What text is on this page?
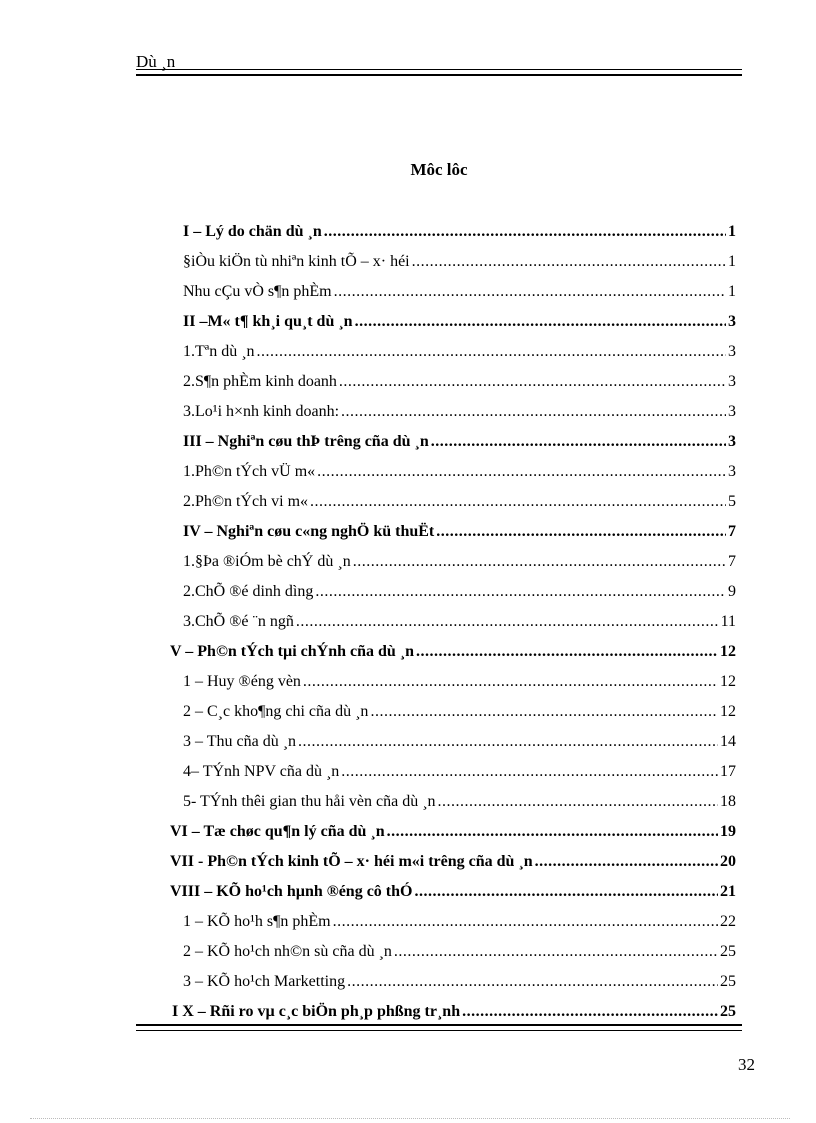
Dù ¸n
Môc lôc
I – Lý do chän dù ¸n .....	1
§iÒu kiÖn tù nhiªn kinh tÕ – x· héi .....	1
Nhu cÇu vÒ s¶n phÈm .....	1
II –M« t¶ kh¸i qu¸t dù ¸n .....	3
1.Tªn dù ¸n .....	3
2.S¶n phÈm kinh doanh .....	3
3.Lo¹i h×nh kinh doanh: .....	3
III – Nghiªn cøu thÞ trêng cña dù ¸n .....	3
1.Ph©n tÝch vÜ m« .....	3
2.Ph©n tÝch vi m« .....	5
IV – Nghiªn cøu c«ng nghÖ kü thuËt .....	7
1.§Þa ®iÓm bè chÝ dù ¸n .....	7
2.ChÕ ®é dinh dìng .....	9
3.ChÕ ®é ¨n ngñ .....	11
V – Ph©n tÝch tµi chÝnh cña dù ¸n .....	12
1 – Huy ®éng vèn .....	12
2 – C¸c kho¶ng chi cña dù ¸n .....	12
3 – Thu cña dù ¸n .....	14
4– TÝnh NPV cña dù ¸n .....	17
5- TÝnh thêi gian thu håi vèn cña dù ¸n .....	18
VI – Tæ chøc qu¶n lý cña dù ¸n .....	19
VII - Ph©n tÝch kinh tÕ – x· héi m«i trêng cña dù ¸n .....	20
VIII – KÕ ho¹ch hµnh ®éng cô thÓ .....	21
1 – KÕ ho¹h s¶n phÈm .....	22
2 – KÕ ho¹ch nh©n sù cña dù ¸n .....	25
3 – KÕ ho¹ch Marketting .....	25
I X – Rñi ro vµ c¸c biÖn ph¸p phßng tr¸nh .....	25
32
